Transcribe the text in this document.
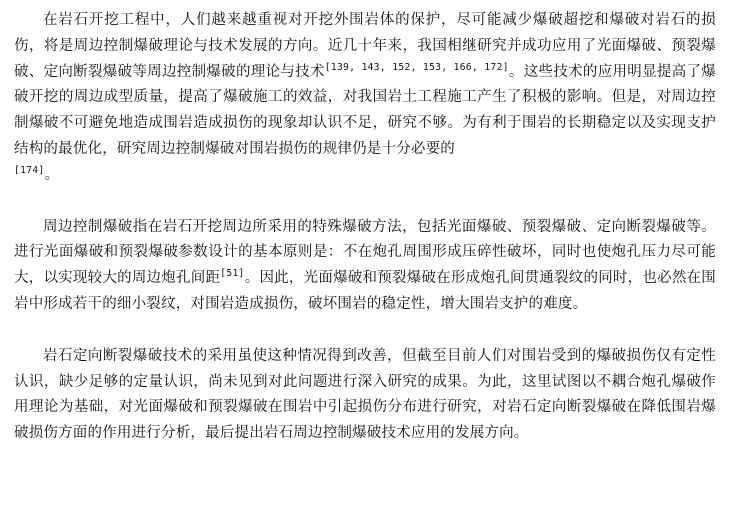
在岩石开挖工程中，人们越来越重视对开挖外围岩体的保护，尽可能减少爆破超挖和爆破对岩石的损伤，将是周边控制爆破理论与技术发展的方向。近几十年来，我国相继研究并成功应用了光面爆破、预裂爆破、定向断裂爆破等周边控制爆破的理论与技术[139, 143, 152, 153, 166, 172]。这些技术的应用明显提高了爆破开挖的周边成型质量，提高了爆破施工的效益，对我国岩土工程施工产生了积极的影响。但是，对周边控制爆破不可避免地造成围岩造成损伤的现象却认识不足，研究不够。为有利于围岩的长期稳定以及实现支护结构的最优化，研究周边控制爆破对围岩损伤的规律仍是十分必要的
[174]。

周边控制爆破指在岩石开挖周边所采用的特殊爆破方法，包括光面爆破、预裂爆破、定向断裂爆破等。进行光面爆破和预裂爆破参数设计的基本原则是：不在炮孔周围形成压碎性破坏，同时也使炮孔压力尽可能大，以实现较大的周边炮孔间距[51]。因此，光面爆破和预裂爆破在形成炮孔间贯通裂纹的同时，也必然在围岩中形成若干的细小裂纹，对围岩造成损伤，破坏围岩的稳定性，增大围岩支护的难度。

岩石定向断裂爆破技术的采用虽使这种情况得到改善，但截至目前人们对围岩受到的爆破损伤仅有定性认识，缺少足够的定量认识，尚未见到对此问题进行深入研究的成果。为此，这里试图以不耦合炮孔爆破作用理论为基础，对光面爆破和预裂爆破在围岩中引起损伤分布进行研究，对岩石定向断裂爆破在降低围岩爆破损伤方面的作用进行分析，最后提出岩石周边控制爆破技术应用的发展方向。
